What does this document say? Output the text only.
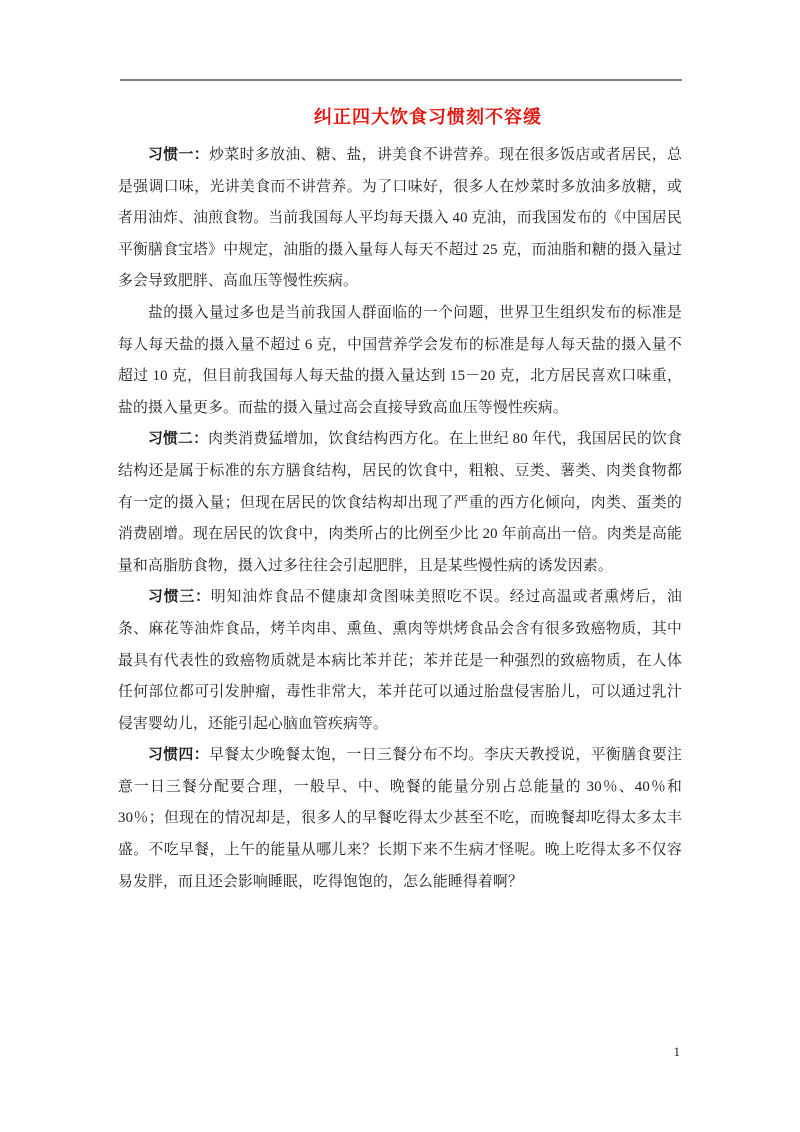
纠正四大饮食习惯刻不容缓

习惯一：炒菜时多放油、糖、盐，讲美食不讲营养。现在很多饭店或者居民，总是强调口味，光讲美食而不讲营养。为了口味好，很多人在炒菜时多放油多放糖，或者用油炸、油煎食物。当前我国每人平均每天摄入 40 克油，而我国发布的《中国居民平衡膳食宝塔》中规定，油脂的摄入量每人每天不超过 25 克，而油脂和糖的摄入量过多会导致肥胖、高血压等慢性疾病。

盐的摄入量过多也是当前我国人群面临的一个问题，世界卫生组织发布的标准是每人每天盐的摄入量不超过 6 克，中国营养学会发布的标准是每人每天盐的摄入量不超过 10 克，但目前我国每人每天盐的摄入量达到 15－20 克，北方居民喜欢口味重，盐的摄入量更多。而盐的摄入量过高会直接导致高血压等慢性疾病。

习惯二：肉类消费猛增加，饮食结构西方化。在上世纪 80 年代，我国居民的饮食结构还是属于标准的东方膳食结构，居民的饮食中，粗粮、豆类、薯类、肉类食物都有一定的摄入量；但现在居民的饮食结构却出现了严重的西方化倾向，肉类、蛋类的消费剧增。现在居民的饮食中，肉类所占的比例至少比 20 年前高出一倍。肉类是高能量和高脂肪食物，摄入过多往往会引起肥胖，且是某些慢性病的诱发因素。

习惯三：明知油炸食品不健康却贪图味美照吃不误。经过高温或者熏烤后，油条、麻花等油炸食品，烤羊肉串、熏鱼、熏肉等烘烤食品会含有很多致癌物质，其中最具有代表性的致癌物质就是本病比苯并芘；苯并芘是一种强烈的致癌物质，在人体任何部位都可引发肿瘤，毒性非常大，苯并芘可以通过胎盘侵害胎儿，可以通过乳汁侵害婴幼儿，还能引起心脑血管疾病等。

习惯四：早餐太少晚餐太饱，一日三餐分布不均。李庆天教授说，平衡膳食要注意一日三餐分配要合理，一般早、中、晚餐的能量分别占总能量的 30％、40％和 30％；但现在的情况却是，很多人的早餐吃得太少甚至不吃，而晚餐却吃得太多太丰盛。不吃早餐，上午的能量从哪儿来？长期下来不生病才怪呢。晚上吃得太多不仅容易发胖，而且还会影响睡眠，吃得饱饱的，怎么能睡得着啊？

1
